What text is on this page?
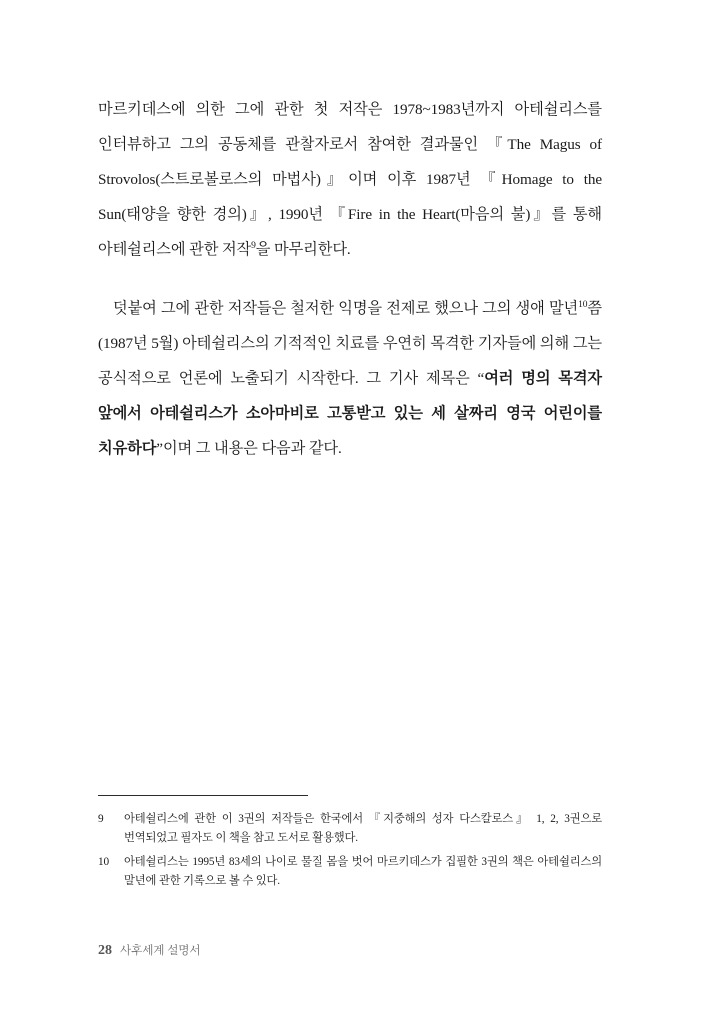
마르키데스에 의한 그에 관한 첫 저작은 1978~1983년까지 아테쉴리스를 인터뷰하고 그의 공동체를 관찰자로서 참여한 결과물인 『The Magus of Strovolos(스트로볼로스의 마법사)』이며 이후 1987년 『Homage to the Sun(태양을 향한 경의)』, 1990년 『Fire in the Heart(마음의 불)』를 통해 아테쉴리스에 관한 저작$^9$을 마무리한다.

덧붙여 그에 관한 저작들은 철저한 익명을 전제로 했으나 그의 생애 말년$^{10}$쯤(1987년 5월) 아테쉴리스의 기적적인 치료를 우연히 목격한 기자들에 의해 그는 공식적으로 언론에 노출되기 시작한다. 그 기사 제목은 “여러 명의 목격자 앞에서 아테쉴리스가 소아마비로 고통받고 있는 세 살짜리 영국 어린이를 치유하다”이며 그 내용은 다음과 같다.

9	아테쉴리스에 관한 이 3권의 저작들은 한국에서 『지중해의 성자 다스칼로스』 1, 2, 3권으로 번역되었고 필자도 이 책을 참고 도서로 활용했다.
10	아테쉴리스는 1995년 83세의 나이로 물질 몸을 벗어 마르키데스가 집필한 3권의 책은 아테쉴리스의 말년에 관한 기록으로 볼 수 있다.
28 사후세계 설명서
